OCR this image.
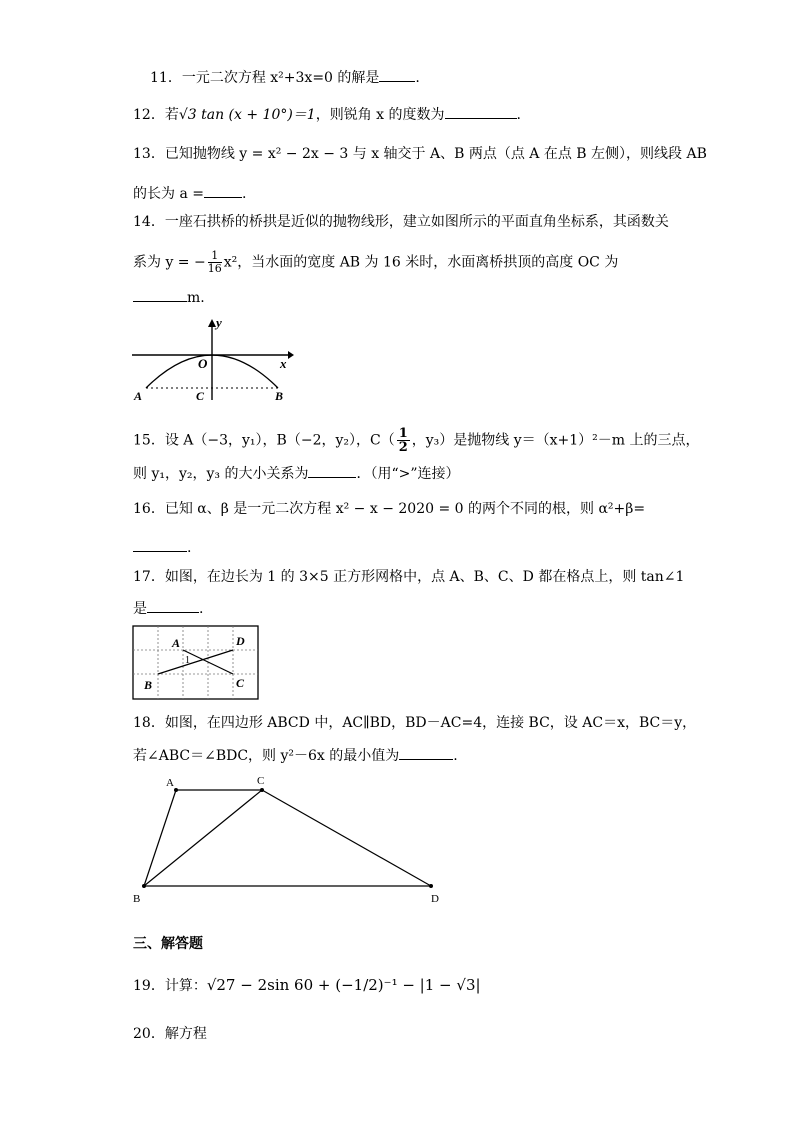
11．一元二次方程 x²+3x=0 的解是	.
12．若√3 tan (x + 10°)＝1，则锐角 x 的度数为	.
13．已知抛物线 y = x² − 2x − 3 与 x 轴交于 A、B 两点（点 A 在点 B 左侧），则线段 AB
的长为 a =	.
14．一座石拱桥的桥拱是近似的抛物线形，建立如图所示的平面直角坐标系，其函数关
系为 y = − $\frac{1}{16} x^2$，当水面的宽度 AB 为 16 米时，水面离桥拱顶的高度 OC 为
m.
y
x
O
A	C	B
15．设 A（−3，y₁），B（−2，y₂），$C( \frac{1}{2}$ ，y₃）是抛物线 y＝（x+1）²－m 上的三点，
则 y₁，y₂，y₃ 的大小关系为	．（用“>”连接）
16．已知 α、β 是一元二次方程 x² − x − 2020 = 0 的两个不同的根，则 α²+β=
.
17．如图，在边长为 1 的 3×5 正方形网格中，点 A、B、C、D 都在格点上，则 tan∠1
是	.
A	D
1
B	C
18．如图，在四边形 ABCD 中，AC∥BD，BD－AC=4，连接 BC，设 AC＝x，BC＝y，
若∠ABC＝∠BDC，则 y²－6x 的最小值为	.
A	C
B	D
三、解答题
19．计算：√27 − 2sin 60 + (−1/2)⁻¹ − |1 − √3|
20．解方程
